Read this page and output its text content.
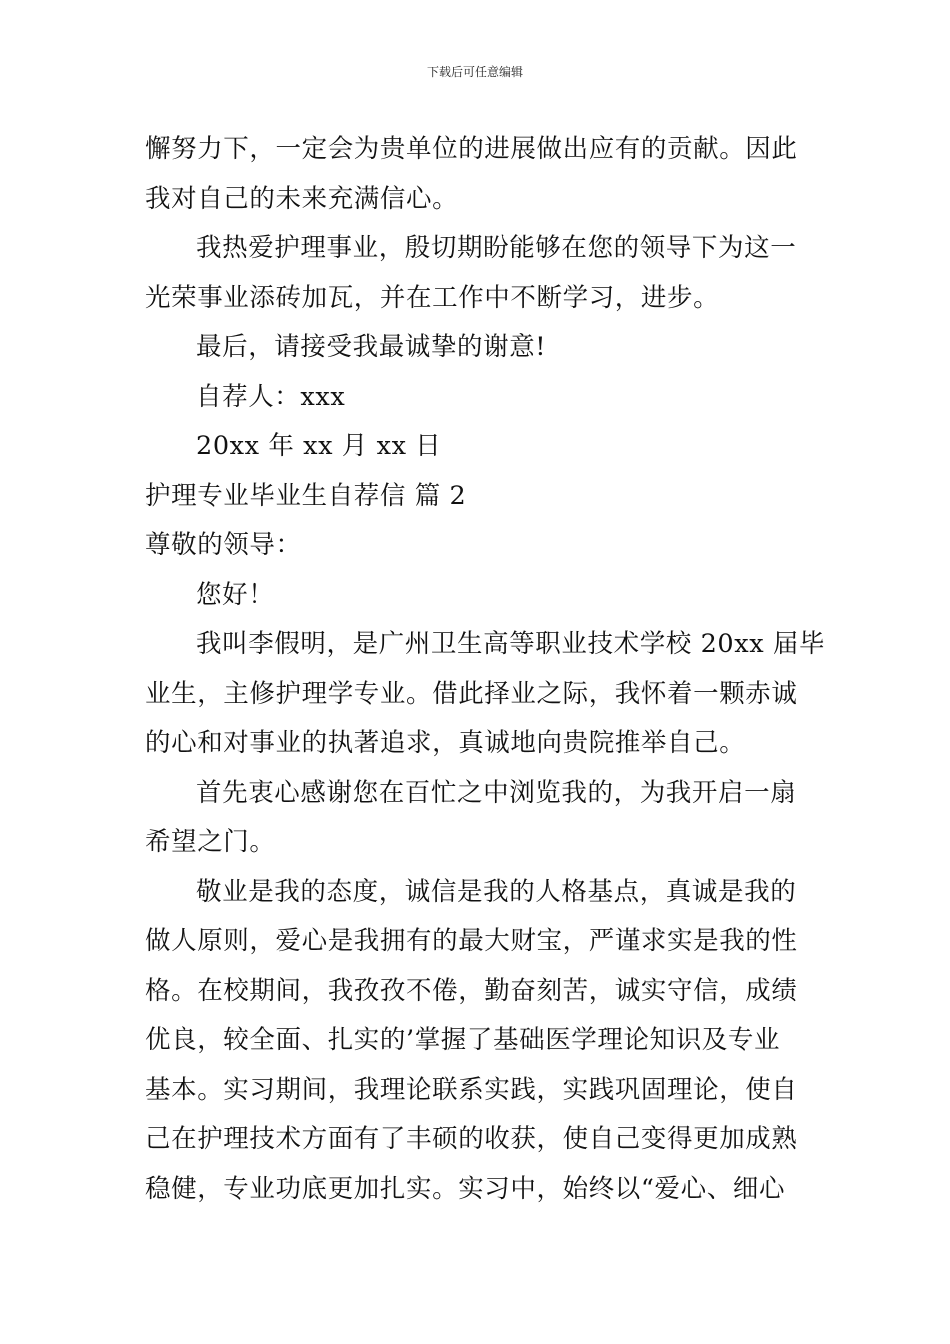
下载后可任意编辑
懈努力下，一定会为贵单位的进展做出应有的贡献。因此
我对自己的未来充满信心。
我热爱护理事业，殷切期盼能够在您的领导下为这一
光荣事业添砖加瓦，并在工作中不断学习，进步。
最后，请接受我最诚挚的谢意!
自荐人：xxx
20xx 年 xx 月 xx 日
护理专业毕业生自荐信 篇 2
尊敬的领导：
您好！
我叫李假明，是广州卫生高等职业技术学校 20xx 届毕
业生，主修护理学专业。借此择业之际，我怀着一颗赤诚
的心和对事业的执著追求，真诚地向贵院推举自己。
首先衷心感谢您在百忙之中浏览我的，为我开启一扇
希望之门。
敬业是我的态度，诚信是我的人格基点，真诚是我的
做人原则，爱心是我拥有的最大财宝，严谨求实是我的性
格。在校期间，我孜孜不倦，勤奋刻苦，诚实守信，成绩
优良，较全面、扎实的’掌握了基础医学理论知识及专业
基本。实习期间，我理论联系实践，实践巩固理论，使自
己在护理技术方面有了丰硕的收获，使自己变得更加成熟
稳健，专业功底更加扎实。实习中，始终以“爱心、细心
